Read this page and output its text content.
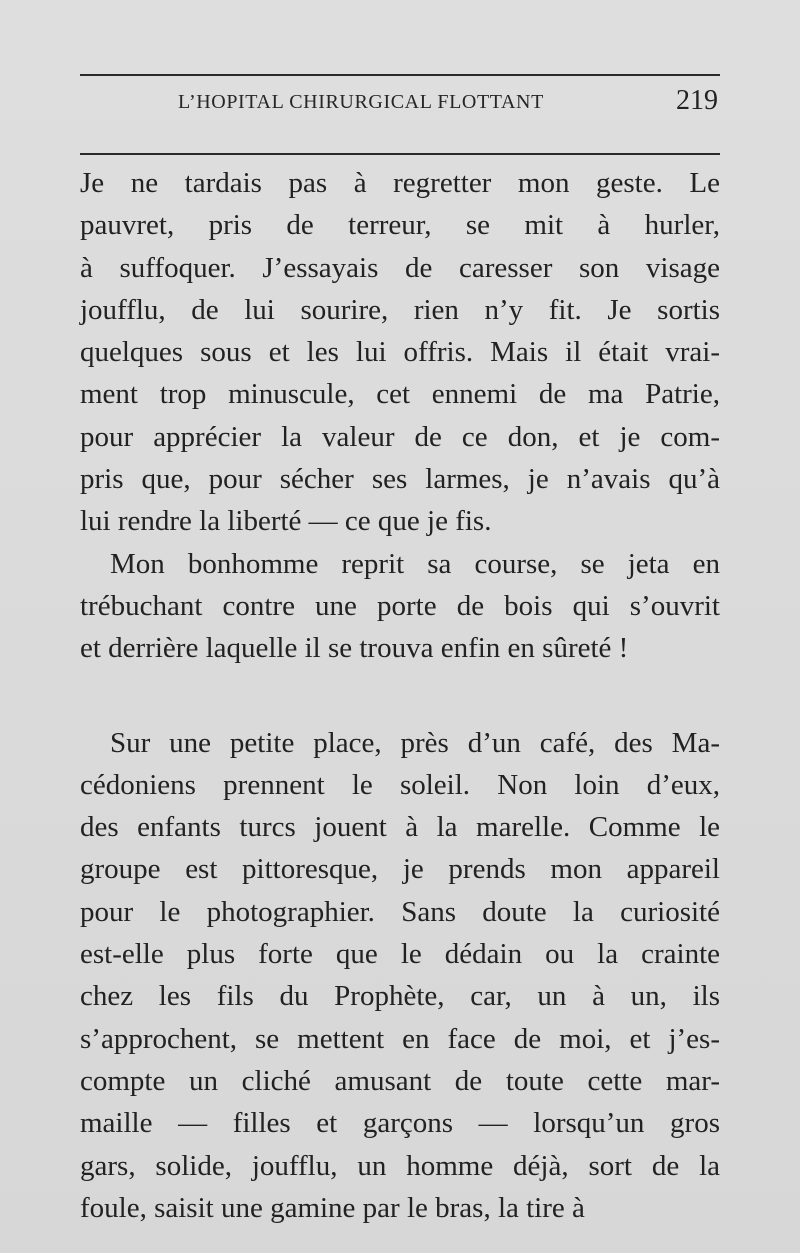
L’HOPITAL CHIRURGICAL FLOTTANT	219
Je ne tardais pas à regretter mon geste. Le
pauvret, pris de terreur, se mit à hurler,
à suffoquer. J’essayais de caresser son visage
joufflu, de lui sourire, rien n’y fit. Je sortis
quelques sous et les lui offris. Mais il était vrai-
ment trop minuscule, cet ennemi de ma Patrie,
pour apprécier la valeur de ce don, et je com-
pris que, pour sécher ses larmes, je n’avais qu’à
lui rendre la liberté — ce que je fis.
Mon bonhomme reprit sa course, se jeta en
trébuchant contre une porte de bois qui s’ouvrit
et derrière laquelle il se trouva enfin en sûreté !
Sur une petite place, près d’un café, des Ma-
cédoniens prennent le soleil. Non loin d’eux,
des enfants turcs jouent à la marelle. Comme le
groupe est pittoresque, je prends mon appareil
pour le photographier. Sans doute la curiosité
est-elle plus forte que le dédain ou la crainte
chez les fils du Prophète, car, un à un, ils
s’approchent, se mettent en face de moi, et j’es-
compte un cliché amusant de toute cette mar-
maille — filles et garçons — lorsqu’un gros
gars, solide, joufflu, un homme déjà, sort de la
foule, saisit une gamine par le bras, la tire à
